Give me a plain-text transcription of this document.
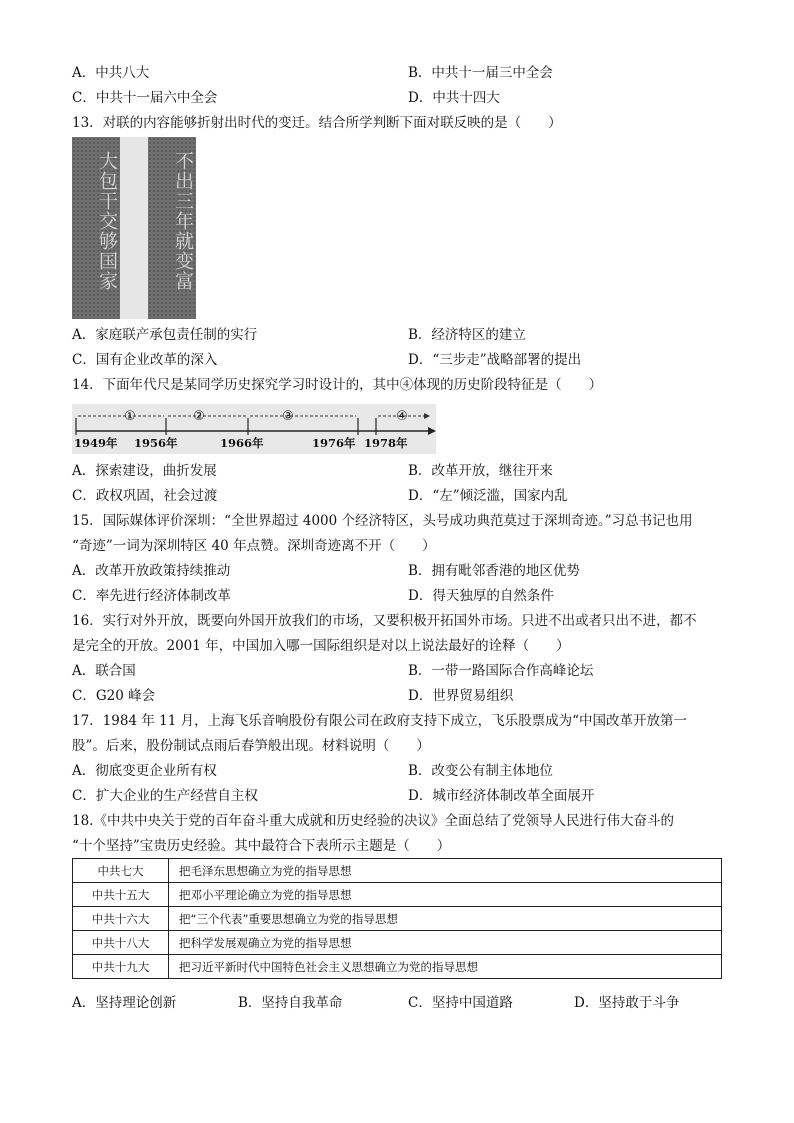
A．中共八大	B．中共十一届三中全会
C．中共十一届六中全会	D．中共十四大
13．对联的内容能够折射出时代的变迁。结合所学判断下面对联反映的是（　　）
大包干交够国家	不出三年就变富
A．家庭联产承包责任制的实行	B．经济特区的建立
C．国有企业改革的深入	D．“三步走”战略部署的提出
14．下面年代尺是某同学历史探究学习时设计的，其中④体现的历史阶段特征是（　　）
①	②	③	④
1949年 1956年	1966年	1976年 1978年
A．探索建设，曲折发展	B．改革开放，继往开来
C．政权巩固，社会过渡	D．“左”倾泛滥，国家内乱
15．国际媒体评价深圳：“全世界超过 4000 个经济特区，头号成功典范莫过于深圳奇迹。”习总书记也用
“奇迹”一词为深圳特区 40 年点赞。深圳奇迹离不开（　　）
A．改革开放政策持续推动	B．拥有毗邻香港的地区优势
C．率先进行经济体制改革	D．得天独厚的自然条件
16．实行对外开放，既要向外国开放我们的市场，又要积极开拓国外市场。只进不出或者只出不进，都不
是完全的开放。2001 年，中国加入哪一国际组织是对以上说法最好的诠释（　　）
A．联合国	B．一带一路国际合作高峰论坛
C．G20 峰会	D．世界贸易组织
17．1984 年 11 月，上海飞乐音响股份有限公司在政府支持下成立，飞乐股票成为“中国改革开放第一
股”。后来，股份制试点雨后春笋般出现。材料说明（　　）
A．彻底变更企业所有权	B．改变公有制主体地位
C．扩大企业的生产经营自主权	D．城市经济体制改革全面展开
18.《中共中央关于党的百年奋斗重大成就和历史经验的决议》全面总结了党领导人民进行伟大奋斗的
“十个坚持”宝贵历史经验。其中最符合下表所示主题是（　　）
中共七大	把毛泽东思想确立为党的指导思想
中共十五大	把邓小平理论确立为党的指导思想
中共十六大	把“三个代表”重要思想确立为党的指导思想
中共十八大	把科学发展观确立为党的指导思想
中共十九大	把习近平新时代中国特色社会主义思想确立为党的指导思想
A．坚持理论创新	B．坚持自我革命	C．坚持中国道路	D．坚持敢于斗争
